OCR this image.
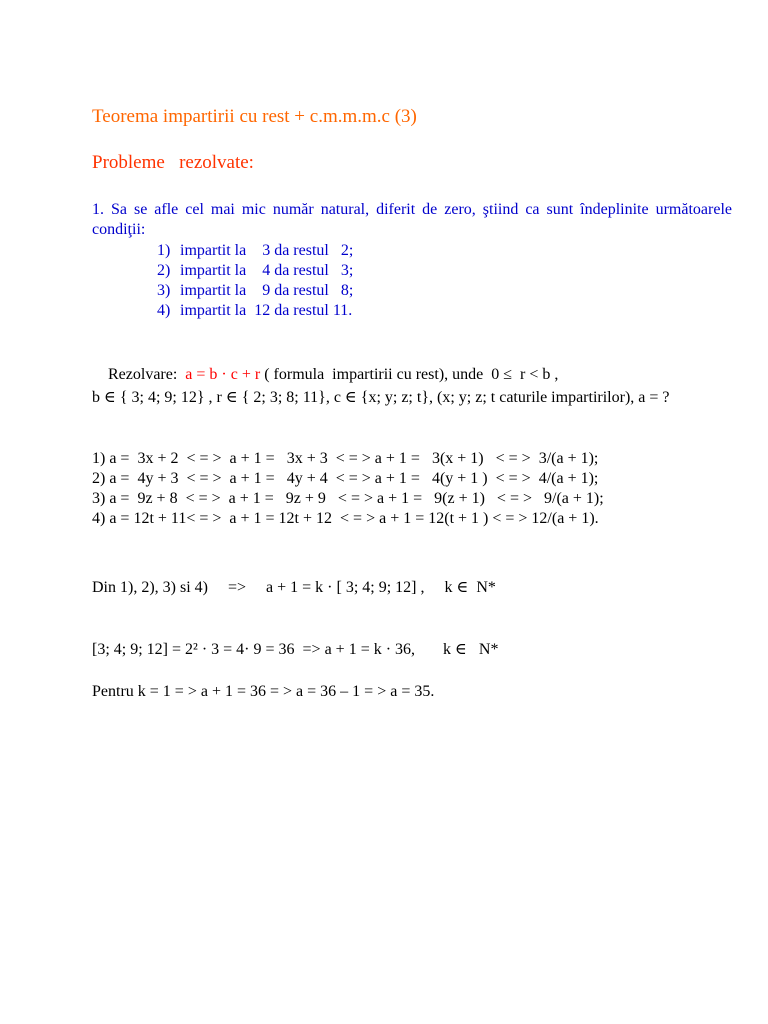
Teorema impartirii cu rest + c.m.m.m.c (3)
Probleme   rezolvate:
1. Sa se afle cel mai mic număr natural, diferit de zero, ştiind ca sunt îndeplinite următoarele condiţii:
1) impartit la    3 da restul   2;
2) impartit la    4 da restul   3;
3) impartit la    9 da restul   8;
4) impartit la  12 da restul 11.

Rezolvare:  a = b · c + r ( formula  impartirii cu rest), unde  0 ≤  r < b ,

b ∈ { 3; 4; 9; 12} , r ∈ { 2; 3; 8; 11}, c ∈ {x; y; z; t}, (x; y; z; t caturile impartirilor), a = ?
1) a =  3x + 2  < = >  a + 1 =   3x + 3  < = > a + 1 =   3(x + 1)   < = >  3/(a + 1);
2) a =  4y + 3  < = >  a + 1 =   4y + 4  < = > a + 1 =   4(y + 1 )  < = >  4/(a + 1);
3) a =  9z + 8  < = >  a + 1 =   9z + 9   < = > a + 1 =   9(z + 1)   < = >   9/(a + 1);
4) a = 12t + 11< = >  a + 1 = 12t + 12  < = > a + 1 = 12(t + 1 ) < = > 12/(a + 1).
Din 1), 2), 3) si 4)     =>     a + 1 = k · [ 3; 4; 9; 12] ,     k ∈  N*
[3; 4; 9; 12] = 2² · 3 = 4· 9 = 36  => a + 1 = k · 36,       k ∈   N*
Pentru k = 1 = > a + 1 = 36 = > a = 36 – 1 = > a = 35.
